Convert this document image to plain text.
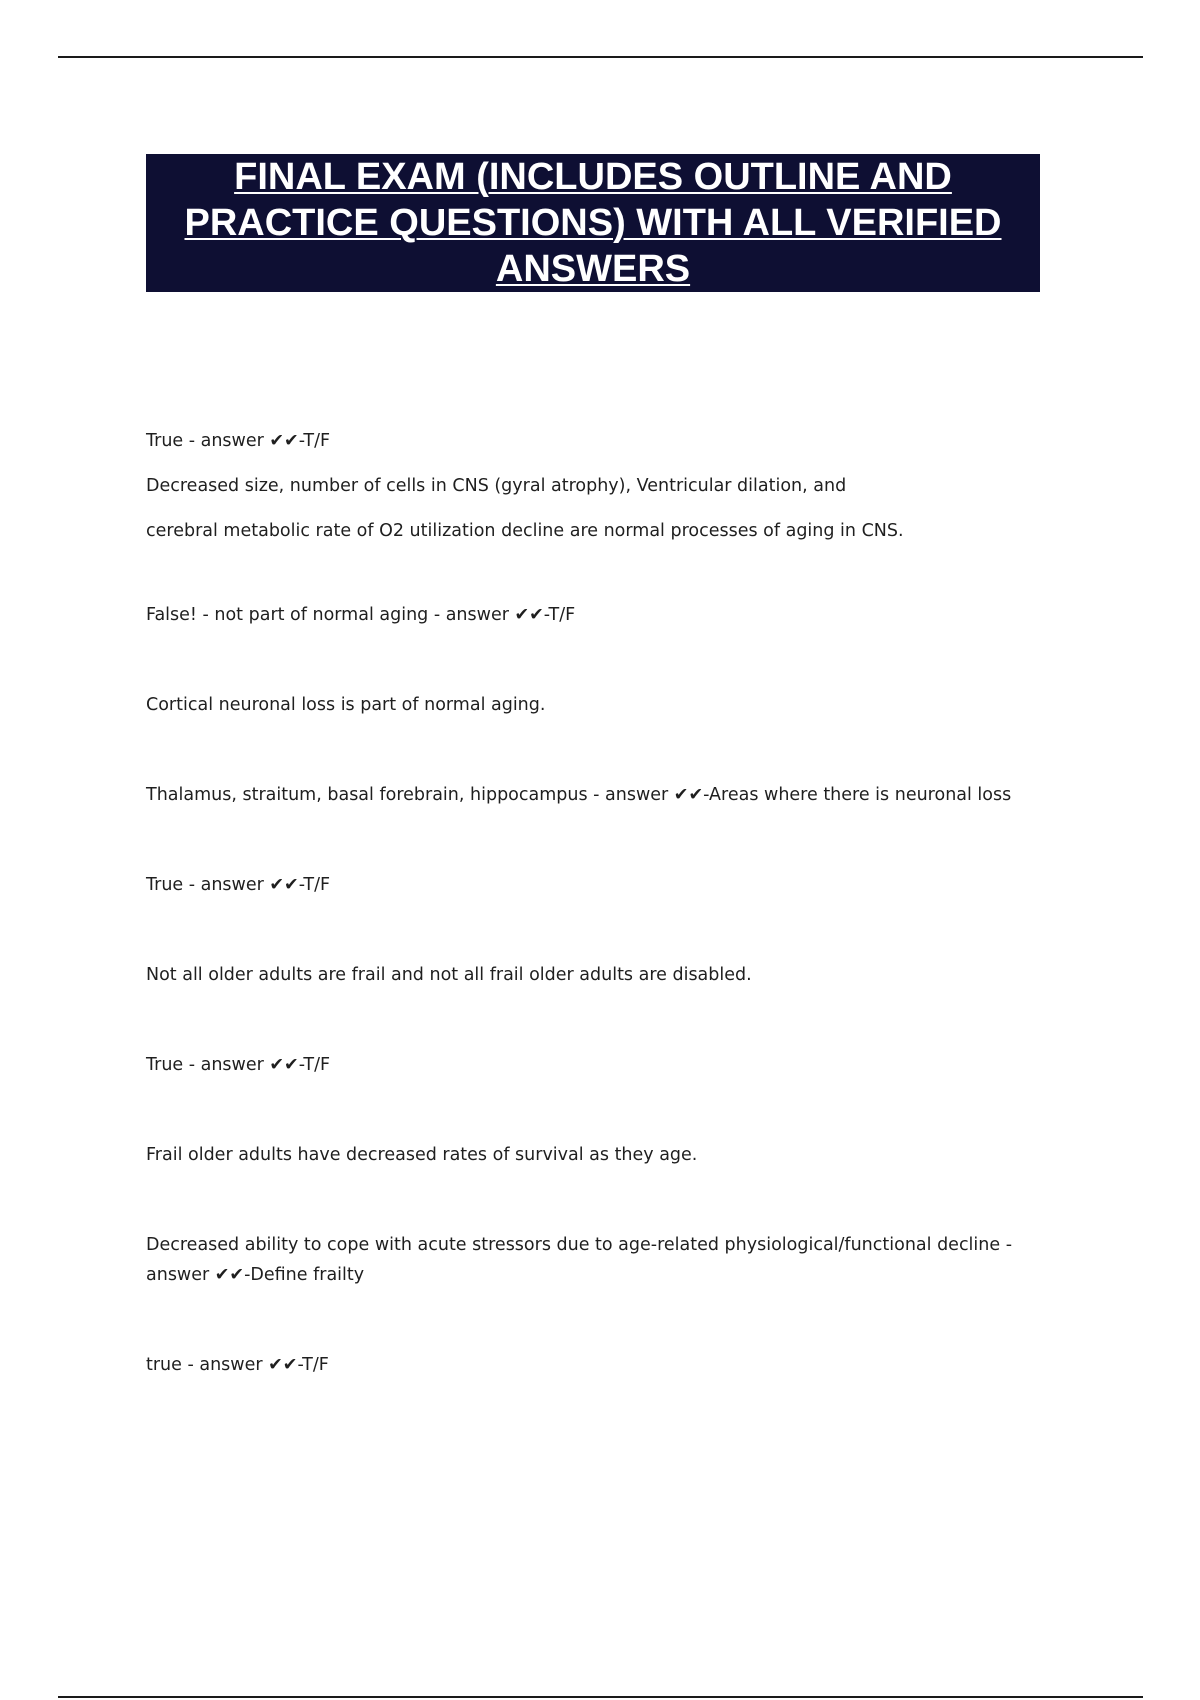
FINAL EXAM (INCLUDES OUTLINE AND PRACTICE QUESTIONS) WITH ALL VERIFIED ANSWERS

True - answer ✔✔-T/F

Decreased size, number of cells in CNS (gyral atrophy), Ventricular dilation, and

cerebral metabolic rate of O2 utilization decline are normal processes of aging in CNS.

False! - not part of normal aging - answer ✔✔-T/F

Cortical neuronal loss is part of normal aging.

Thalamus, straitum, basal forebrain, hippocampus - answer ✔✔-Areas where there is neuronal loss

True - answer ✔✔-T/F

Not all older adults are frail and not all frail older adults are disabled.

True - answer ✔✔-T/F

Frail older adults have decreased rates of survival as they age.

Decreased ability to cope with acute stressors due to age-related physiological/functional decline - answer ✔✔-Define frailty

true - answer ✔✔-T/F
